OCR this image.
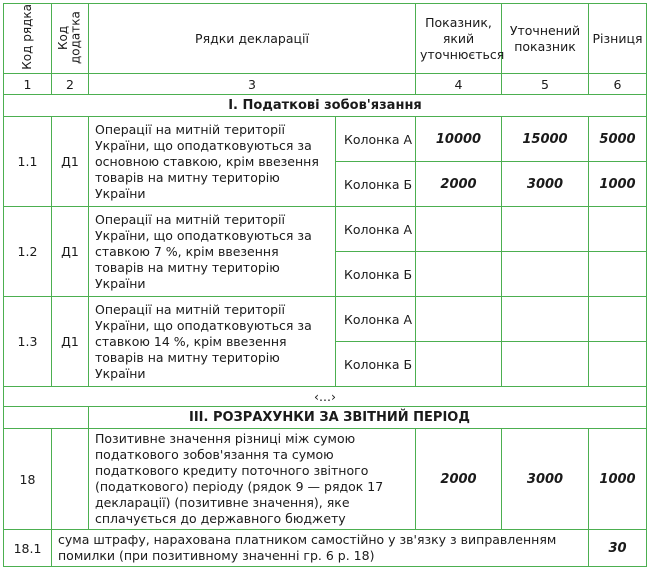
Код рядка	Код додатка	Рядки декларації		Показник, який уточнюється	Уточнений показник	Різниця
1	2	3		4	5	6
І. Податкові зобов'язання						
1.1	Д1	Операції на митній території України, що оподатковуються за основною ставкою, крім ввезення товарів на митну територію України	Колонка А	10000	15000	5000
			Колонка Б	2000	3000	1000
1.2	Д1	Операції на митній території України, що оподатковуються за ставкою 7 %, крім ввезення товарів на митну територію України	Колонка А			
			Колонка Б			
1.3	Д1	Операції на митній території України, що оподатковуються за ставкою 14 %, крім ввезення товарів на митну територію України	Колонка А			
			Колонка Б			
‹...›						
		ІІІ. РОЗРАХУНКИ ЗА ЗВІТНИЙ ПЕРІОД				
18		Позитивне значення різниці між сумою податкового зобов'язання та сумою податкового кредиту поточного звітного (податкового) періоду (рядок 9 — рядок 17 декларації) (позитивне значення), яке сплачується до державного бюджету		2000	3000	1000
18.1	сума штрафу, нарахована платником самостійно у зв'язку з виправленням помилки (при позитивному значенні гр. 6 р. 18)					30
